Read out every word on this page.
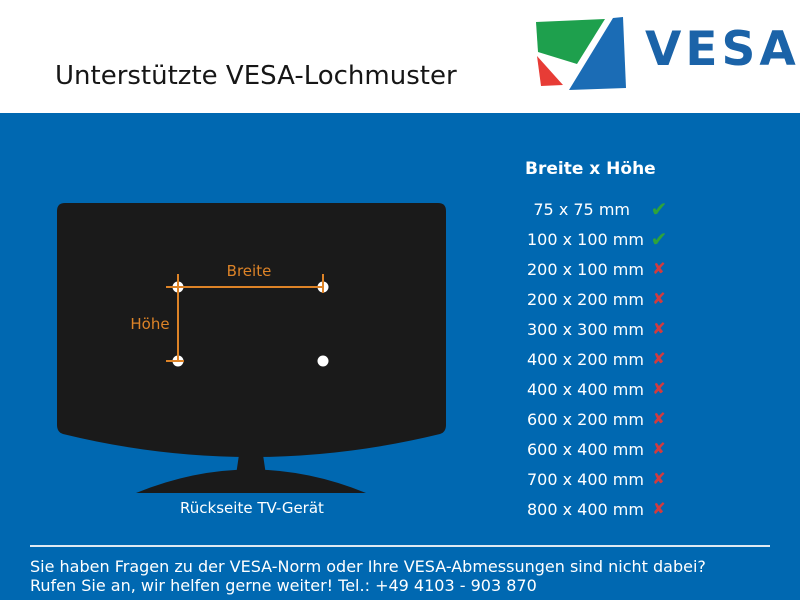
Unterstützte VESA-Lochmuster	VESA
Breite
Höhe
Rückseite TV-Gerät
Breite x Höhe
75 x 75 mm ✔
100 x 100 mm ✔
200 x 100 mm ✘
200 x 200 mm ✘
300 x 300 mm ✘
400 x 200 mm ✘
400 x 400 mm ✘
600 x 200 mm ✘
600 x 400 mm ✘
700 x 400 mm ✘
800 x 400 mm ✘
Sie haben Fragen zu der VESA-Norm oder Ihre VESA-Abmessungen sind nicht dabei?
Rufen Sie an, wir helfen gerne weiter! Tel.: +49 4103 - 903 870
